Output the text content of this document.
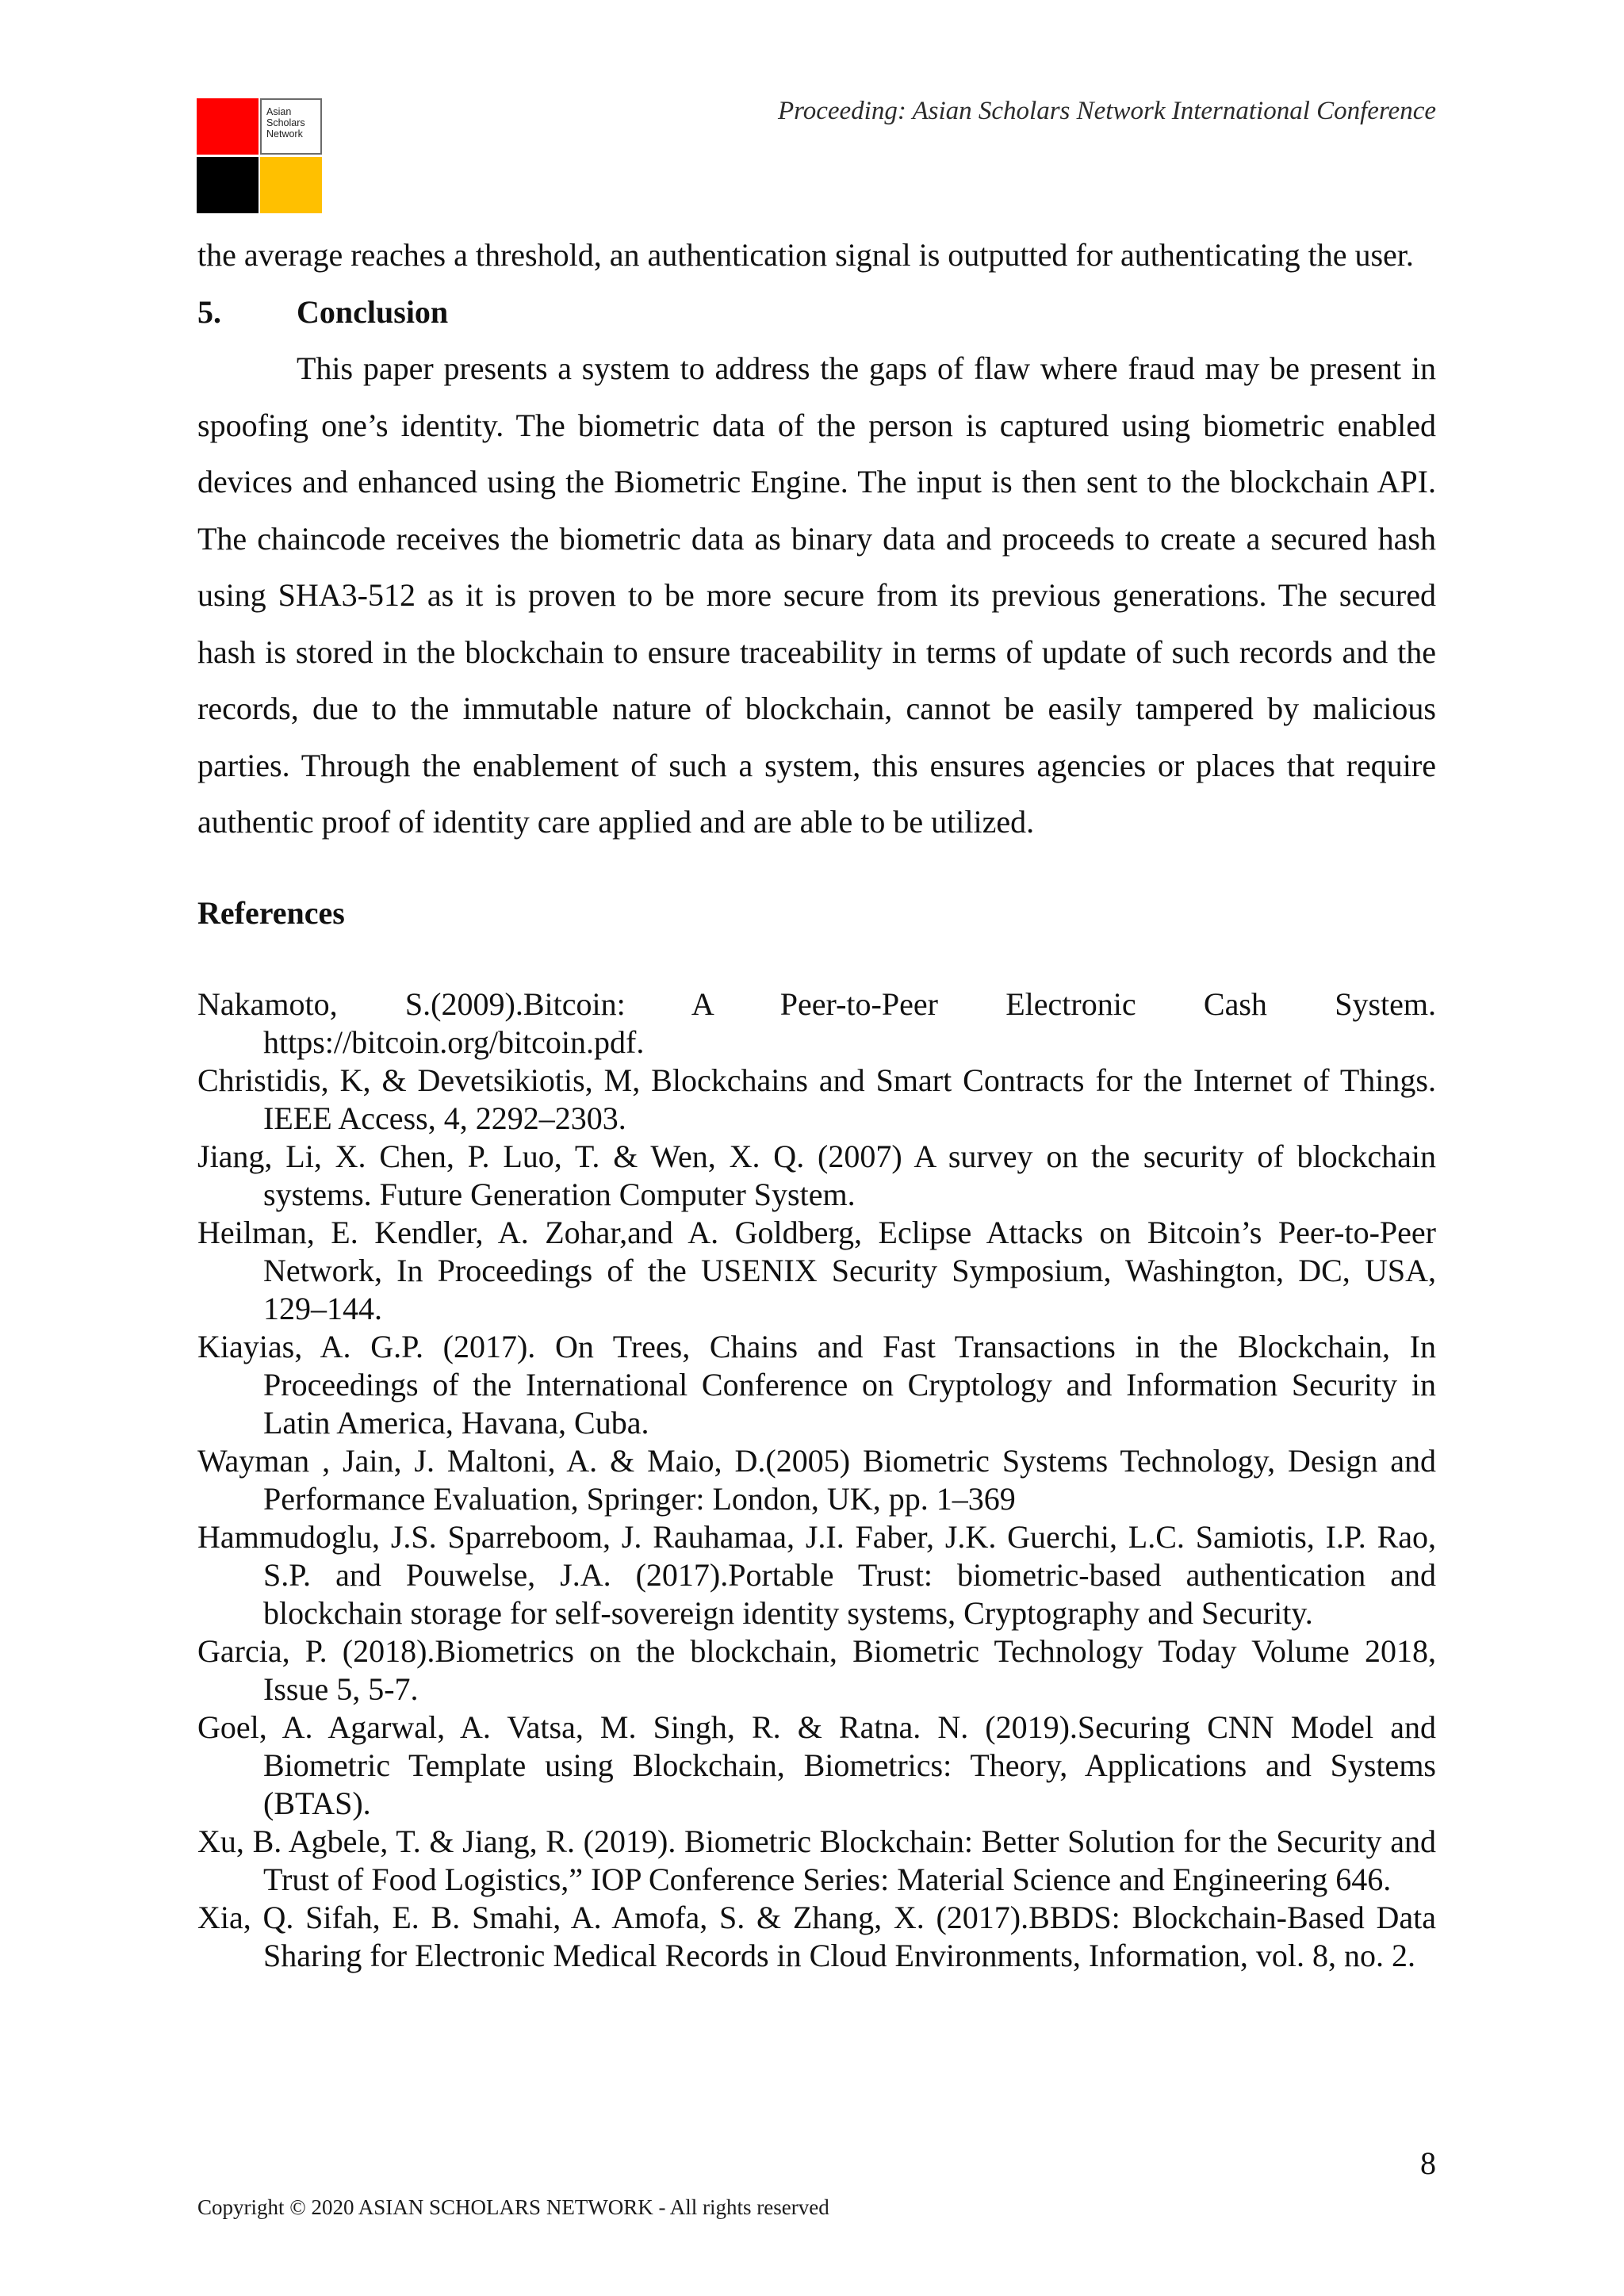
Asian
Scholars
Network
Proceeding: Asian Scholars Network International Conference

the average reaches a threshold, an authentication signal is outputted for authenticating the user.

5. Conclusion

This paper presents a system to address the gaps of flaw where fraud may be present in spoofing one’s identity. The biometric data of the person is captured using biometric enabled devices and enhanced using the Biometric Engine. The input is then sent to the blockchain API. The chaincode receives the biometric data as binary data and proceeds to create a secured hash using SHA3-512 as it is proven to be more secure from its previous generations. The secured hash is stored in the blockchain to ensure traceability in terms of update of such records and the records, due to the immutable nature of blockchain, cannot be easily tampered by malicious parties. Through the enablement of such a system, this ensures agencies or places that require authentic proof of identity care applied and are able to be utilized.

References
Nakamoto, S.(2009).Bitcoin: A Peer-to-Peer Electronic Cash System. https://bitcoin.org/bitcoin.pdf.
Christidis, K, & Devetsikiotis, M, Blockchains and Smart Contracts for the Internet of Things. IEEE Access, 4, 2292–2303.
Jiang, Li, X. Chen, P. Luo, T. & Wen, X. Q. (2007) A survey on the security of blockchain systems. Future Generation Computer System.
Heilman, E. Kendler, A. Zohar,and A. Goldberg, Eclipse Attacks on Bitcoin’s Peer-to-Peer Network, In Proceedings of the USENIX Security Symposium, Washington, DC, USA, 129–144.
Kiayias, A. G.P. (2017). On Trees, Chains and Fast Transactions in the Blockchain, In Proceedings of the International Conference on Cryptology and Information Security in Latin America, Havana, Cuba.
Wayman , Jain, J. Maltoni, A. & Maio, D.(2005) Biometric Systems Technology, Design and Performance Evaluation, Springer: London, UK, pp. 1–369
Hammudoglu, J.S. Sparreboom, J. Rauhamaa, J.I. Faber, J.K. Guerchi, L.C. Samiotis, I.P. Rao, S.P. and Pouwelse, J.A. (2017).Portable Trust: biometric-based authentication and blockchain storage for self-sovereign identity systems, Cryptography and Security.
Garcia, P. (2018).Biometrics on the blockchain, Biometric Technology Today Volume 2018, Issue 5, 5-7.
Goel, A. Agarwal, A. Vatsa, M. Singh, R. & Ratna. N. (2019).Securing CNN Model and Biometric Template using Blockchain, Biometrics: Theory, Applications and Systems (BTAS).
Xu, B. Agbele, T. & Jiang, R. (2019). Biometric Blockchain: Better Solution for the Security and Trust of Food Logistics,” IOP Conference Series: Material Science and Engineering 646.
Xia, Q. Sifah, E. B. Smahi, A. Amofa, S. & Zhang, X. (2017).BBDS: Blockchain-Based Data Sharing for Electronic Medical Records in Cloud Environments, Information, vol. 8, no. 2.
8
Copyright © 2020 ASIAN SCHOLARS NETWORK - All rights reserved
